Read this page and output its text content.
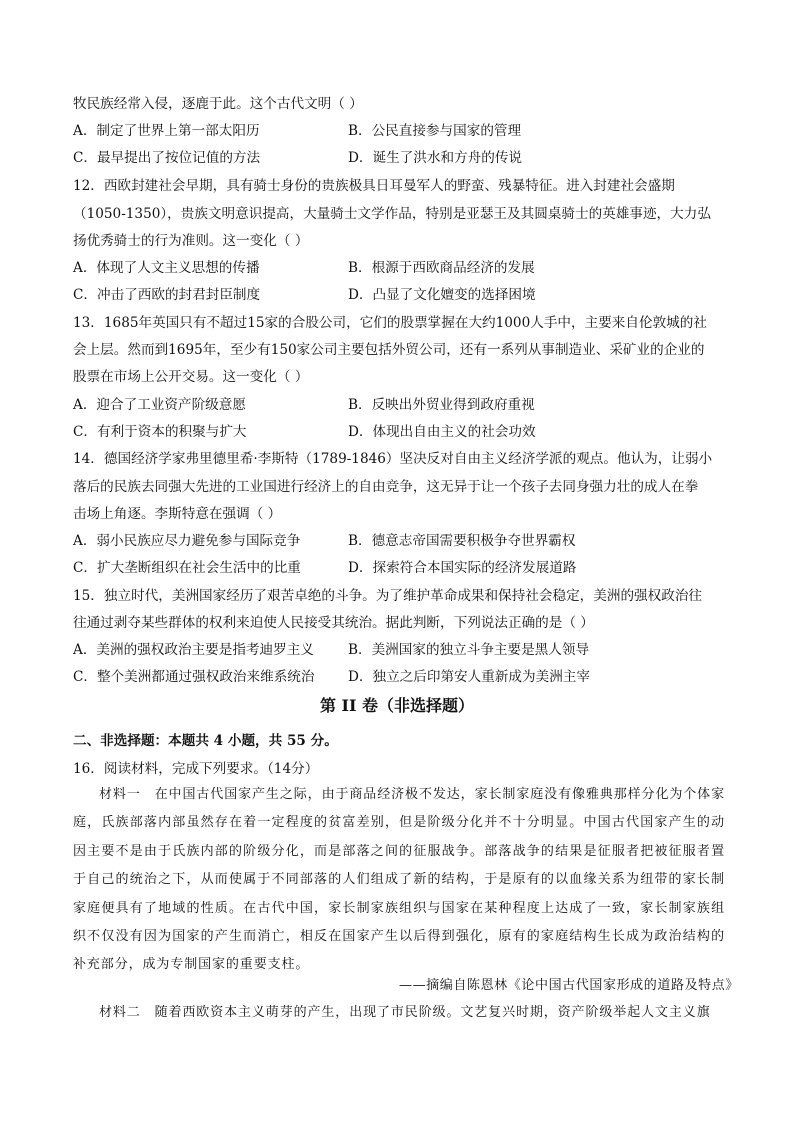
牧民族经常入侵，逐鹿于此。这个古代文明（ ）
A．制定了世界上第一部太阳历	B．公民直接参与国家的管理
C．最早提出了按位记值的方法	D．诞生了洪水和方舟的传说
12．西欧封建社会早期，具有骑士身份的贵族极具日耳曼军人的野蛮、残暴特征。进入封建社会盛期
（1050-1350），贵族文明意识提高，大量骑士文学作品，特别是亚瑟王及其圆桌骑士的英雄事迹，大力弘
扬优秀骑士的行为准则。这一变化（ ）
A．体现了人文主义思想的传播	B．根源于西欧商品经济的发展
C．冲击了西欧的封君封臣制度	D．凸显了文化嬗变的选择困境
13．1685年英国只有不超过15家的合股公司，它们的股票掌握在大约1000人手中，主要来自伦敦城的社
会上层。然而到1695年，至少有150家公司主要包括外贸公司，还有一系列从事制造业、采矿业的企业的
股票在市场上公开交易。这一变化（ ）
A．迎合了工业资产阶级意愿	B．反映出外贸业得到政府重视
C．有利于资本的积聚与扩大	D．体现出自由主义的社会功效
14．德国经济学家弗里德里希·李斯特（1789-1846）坚决反对自由主义经济学派的观点。他认为，让弱小
落后的民族去同强大先进的工业国进行经济上的自由竞争，这无异于让一个孩子去同身强力壮的成人在拳
击场上角逐。李斯特意在强调（ ）
A．弱小民族应尽力避免参与国际竞争	B．德意志帝国需要积极争夺世界霸权
C．扩大垄断组织在社会生活中的比重	D．探索符合本国实际的经济发展道路
15．独立时代，美洲国家经历了艰苦卓绝的斗争。为了维护革命成果和保持社会稳定，美洲的强权政治往
往通过剥夺某些群体的权利来迫使人民接受其统治。据此判断，下列说法正确的是（ ）
A．美洲的强权政治主要是指考迪罗主义	B．美洲国家的独立斗争主要是黑人领导
C．整个美洲都通过强权政治来维系统治 D．独立之后印第安人重新成为美洲主宰
第 II 卷（非选择题）
二、非选择题：本题共 4 小题，共 55 分。
16．阅读材料，完成下列要求。（14分）

材料一　在中国古代国家产生之际，由于商品经济极不发达，家长制家庭没有像雅典那样分化为个体家庭，氏族部落内部虽然存在着一定程度的贫富差别，但是阶级分化并不十分明显。中国古代国家产生的动因主要不是由于氏族内部的阶级分化，而是部落之间的征服战争。部落战争的结果是征服者把被征服者置于自己的统治之下，从而使属于不同部落的人们组成了新的结构，于是原有的以血缘关系为纽带的家长制家庭便具有了地域的性质。在古代中国，家长制家族组织与国家在某种程度上达成了一致，家长制家族组织不仅没有因为国家的产生而消亡，相反在国家产生以后得到强化，原有的家庭结构生长成为政治结构的补充部分，成为专制国家的重要支柱。

——摘编自陈恩林《论中国古代国家形成的道路及特点》

材料二　随着西欧资本主义萌芽的产生，出现了市民阶级。文艺复兴时期，资产阶级举起人文主义旗
